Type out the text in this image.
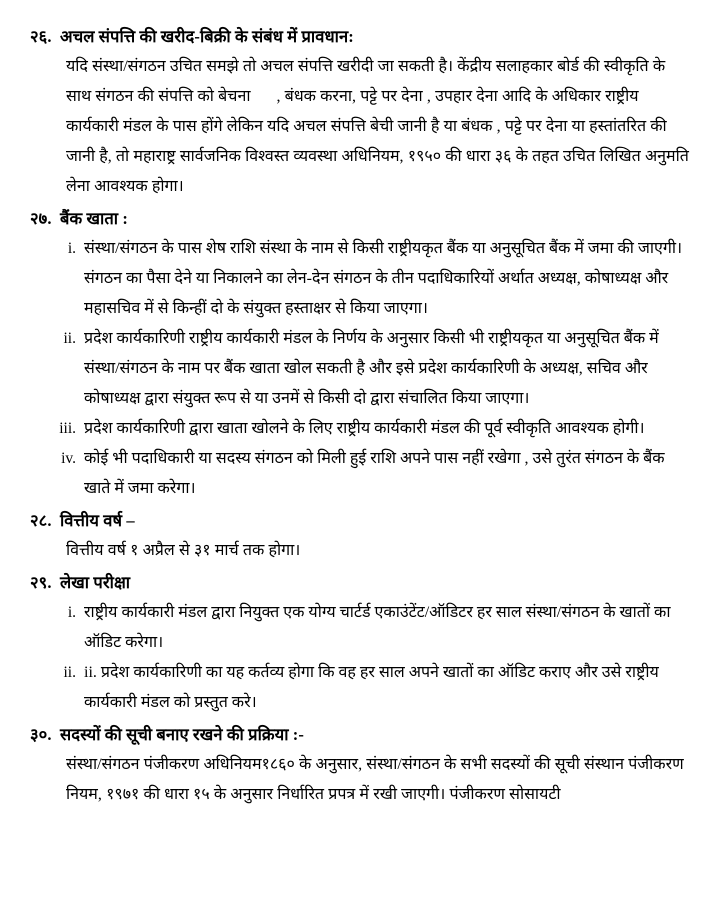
२६. अचल संपत्ति की खरीद-बिक्री के संबंध में प्रावधान:

यदि संस्था/संगठन उचित समझे तो अचल संपत्ति खरीदी जा सकती है। केंद्रीय सलाहकार बोर्ड की स्वीकृति के साथ संगठन की संपत्ति को बेचना , बंधक करना, पट्टे पर देना , उपहार देना आदि के अधिकार राष्ट्रीय कार्यकारी मंडल के पास होंगे लेकिन यदि अचल संपत्ति बेची जानी है या बंधक , पट्टे पर देना या हस्तांतरित की जानी है, तो महाराष्ट्र सार्वजनिक विश्वस्त व्यवस्था अधिनियम, १९५० की धारा ३६ के तहत उचित लिखित अनुमति लेना आवश्यक होगा।

२७. बैंक खाता :
i. संस्था/संगठन के पास शेष राशि संस्था के नाम से किसी राष्ट्रीयकृत बैंक या अनुसूचित बैंक में जमा की जाएगी। संगठन का पैसा देने या निकालने का लेन-देन संगठन के तीन पदाधिकारियों अर्थात अध्यक्ष, कोषाध्यक्ष और महासचिव में से किन्हीं दो के संयुक्त हस्ताक्षर से किया जाएगा।
ii. प्रदेश कार्यकारिणी राष्ट्रीय कार्यकारी मंडल के निर्णय के अनुसार किसी भी राष्ट्रीयकृत या अनुसूचित बैंक में संस्था/संगठन के नाम पर बैंक खाता खोल सकती है और इसे प्रदेश कार्यकारिणी के अध्यक्ष, सचिव और कोषाध्यक्ष द्वारा संयुक्त रूप से या उनमें से किसी दो द्वारा संचालित किया जाएगा।
iii. प्रदेश कार्यकारिणी द्वारा खाता खोलने के लिए राष्ट्रीय कार्यकारी मंडल की पूर्व स्वीकृति आवश्यक होगी।
iv. कोई भी पदाधिकारी या सदस्य संगठन को मिली हुई राशि अपने पास नहीं रखेगा , उसे तुरंत संगठन के बैंक खाते में जमा करेगा।
२८. वित्तीय वर्ष –

वित्तीय वर्ष १ अप्रैल से ३१ मार्च तक होगा।

२९. लेखा परीक्षा
i. राष्ट्रीय कार्यकारी मंडल द्वारा नियुक्त एक योग्य चार्टर्ड एकाउंटेंट/ऑडिटर हर साल संस्था/संगठन के खातों का ऑडिट करेगा।
ii. ii. प्रदेश कार्यकारिणी का यह कर्तव्य होगा कि वह हर साल अपने खातों का ऑडिट कराए और उसे राष्ट्रीय कार्यकारी मंडल को प्रस्तुत करे।
३०. सदस्यों की सूची बनाए रखने की प्रक्रिया :-

संस्था/संगठन पंजीकरण अधिनियम१८६० के अनुसार, संस्था/संगठन के सभी सदस्यों की सूची संस्थान पंजीकरण नियम, १९७१ की धारा १५ के अनुसार निर्धारित प्रपत्र में रखी जाएगी। पंजीकरण सोसायटी
